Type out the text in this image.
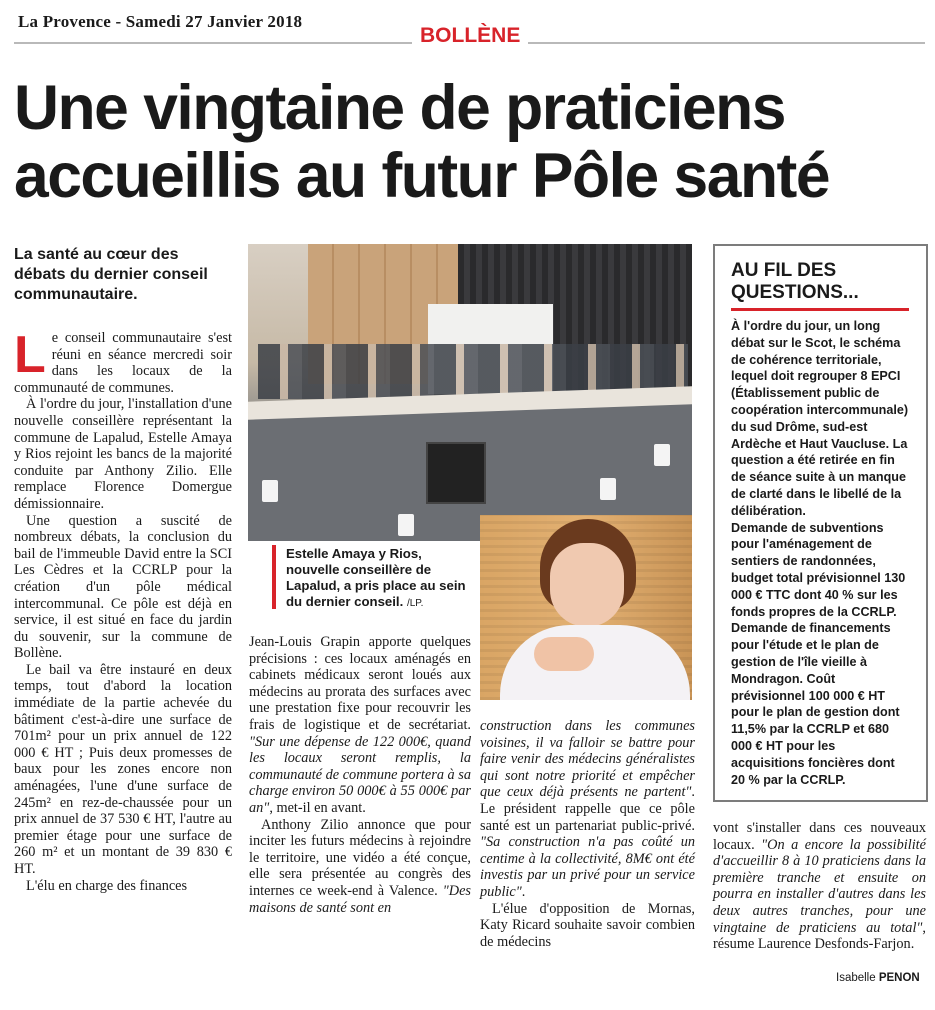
La Provence - Samedi 27 Janvier 2018
BOLLÈNE
Une vingtaine de praticiens
accueillis au futur Pôle santé
La santé au cœur des débats du dernier conseil communautaire.

Le conseil communautaire s'est réuni en séance mercredi soir dans les locaux de la communauté de communes.

À l'ordre du jour, l'installation d'une nouvelle conseillère représentant la commune de Lapalud, Estelle Amaya y Rios rejoint les bancs de la majorité conduite par Anthony Zilio. Elle remplace Florence Domergue démissionnaire.

Une question a suscité de nombreux débats, la conclusion du bail de l'immeuble David entre la SCI Les Cèdres et la CCRLP pour la création d'un pôle médical intercommunal. Ce pôle est déjà en service, il est situé en face du jardin du souvenir, sur la commune de Bollène.

Le bail va être instauré en deux temps, tout d'abord la location immédiate de la partie achevée du bâtiment c'est-à-dire une surface de 701m² pour un prix annuel de 122 000 € HT ; Puis deux promesses de baux pour les zones encore non aménagées, l'une d'une surface de 245m² en rez-de-chaussée pour un prix annuel de 37 530 € HT, l'autre au premier étage pour une surface de 260 m² et un montant de 39 830 € HT.

L'élu en charge des finances

Estelle Amaya y Rios, nouvelle conseillère de Lapalud, a pris place au sein du dernier conseil. /LP.

Jean-Louis Grapin apporte quelques précisions : ces locaux aménagés en cabinets médicaux seront loués aux médecins au prorata des surfaces avec une prestation fixe pour recouvrir les frais de logistique et de secrétariat. "Sur une dépense de 122 000€, quand les locaux seront remplis, la communauté de commune portera à sa charge environ 50 000€ à 55 000€ par an", met-il en avant.

Anthony Zilio annonce que pour inciter les futurs médecins à rejoindre le territoire, une vidéo a été conçue, elle sera présentée au congrès des internes ce week-end à Valence. "Des maisons de santé sont en

construction dans les communes voisines, il va falloir se battre pour faire venir des médecins généralistes qui sont notre priorité et empêcher que ceux déjà présents ne partent". Le président rappelle que ce pôle santé est un partenariat public-privé. "Sa construction n'a pas coûté un centime à la collectivité, 8M€ ont été investis par un privé pour un service public".

L'élue d'opposition de Mornas, Katy Ricard souhaite savoir combien de médecins

vont s'installer dans ces nouveaux locaux. "On a encore la possibilité d'accueillir 8 à 10 praticiens dans la première tranche et ensuite on pourra en installer d'autres dans les deux autres tranches, pour une vingtaine de praticiens au total", résume Laurence Desfonds-Farjon.

Isabelle PENON
AU FIL DES QUESTIONS...

À l'ordre du jour, un long débat sur le Scot, le schéma de cohérence territoriale, lequel doit regrouper 8 EPCI (Établissement public de coopération intercommunale) du sud Drôme, sud-est Ardèche et Haut Vaucluse. La question a été retirée en fin de séance suite à un manque de clarté dans le libellé de la délibération.

Demande de subventions pour l'aménagement de sentiers de randonnées, budget total prévisionnel 130 000 € TTC dont 40 % sur les fonds propres de la CCRLP.

Demande de financements pour l'étude et le plan de gestion de l'île vieille à Mondragon. Coût prévisionnel 100 000 € HT pour le plan de gestion dont 11,5% par la CCRLP et 680 000 € HT pour les acquisitions foncières dont 20 % par la CCRLP.
